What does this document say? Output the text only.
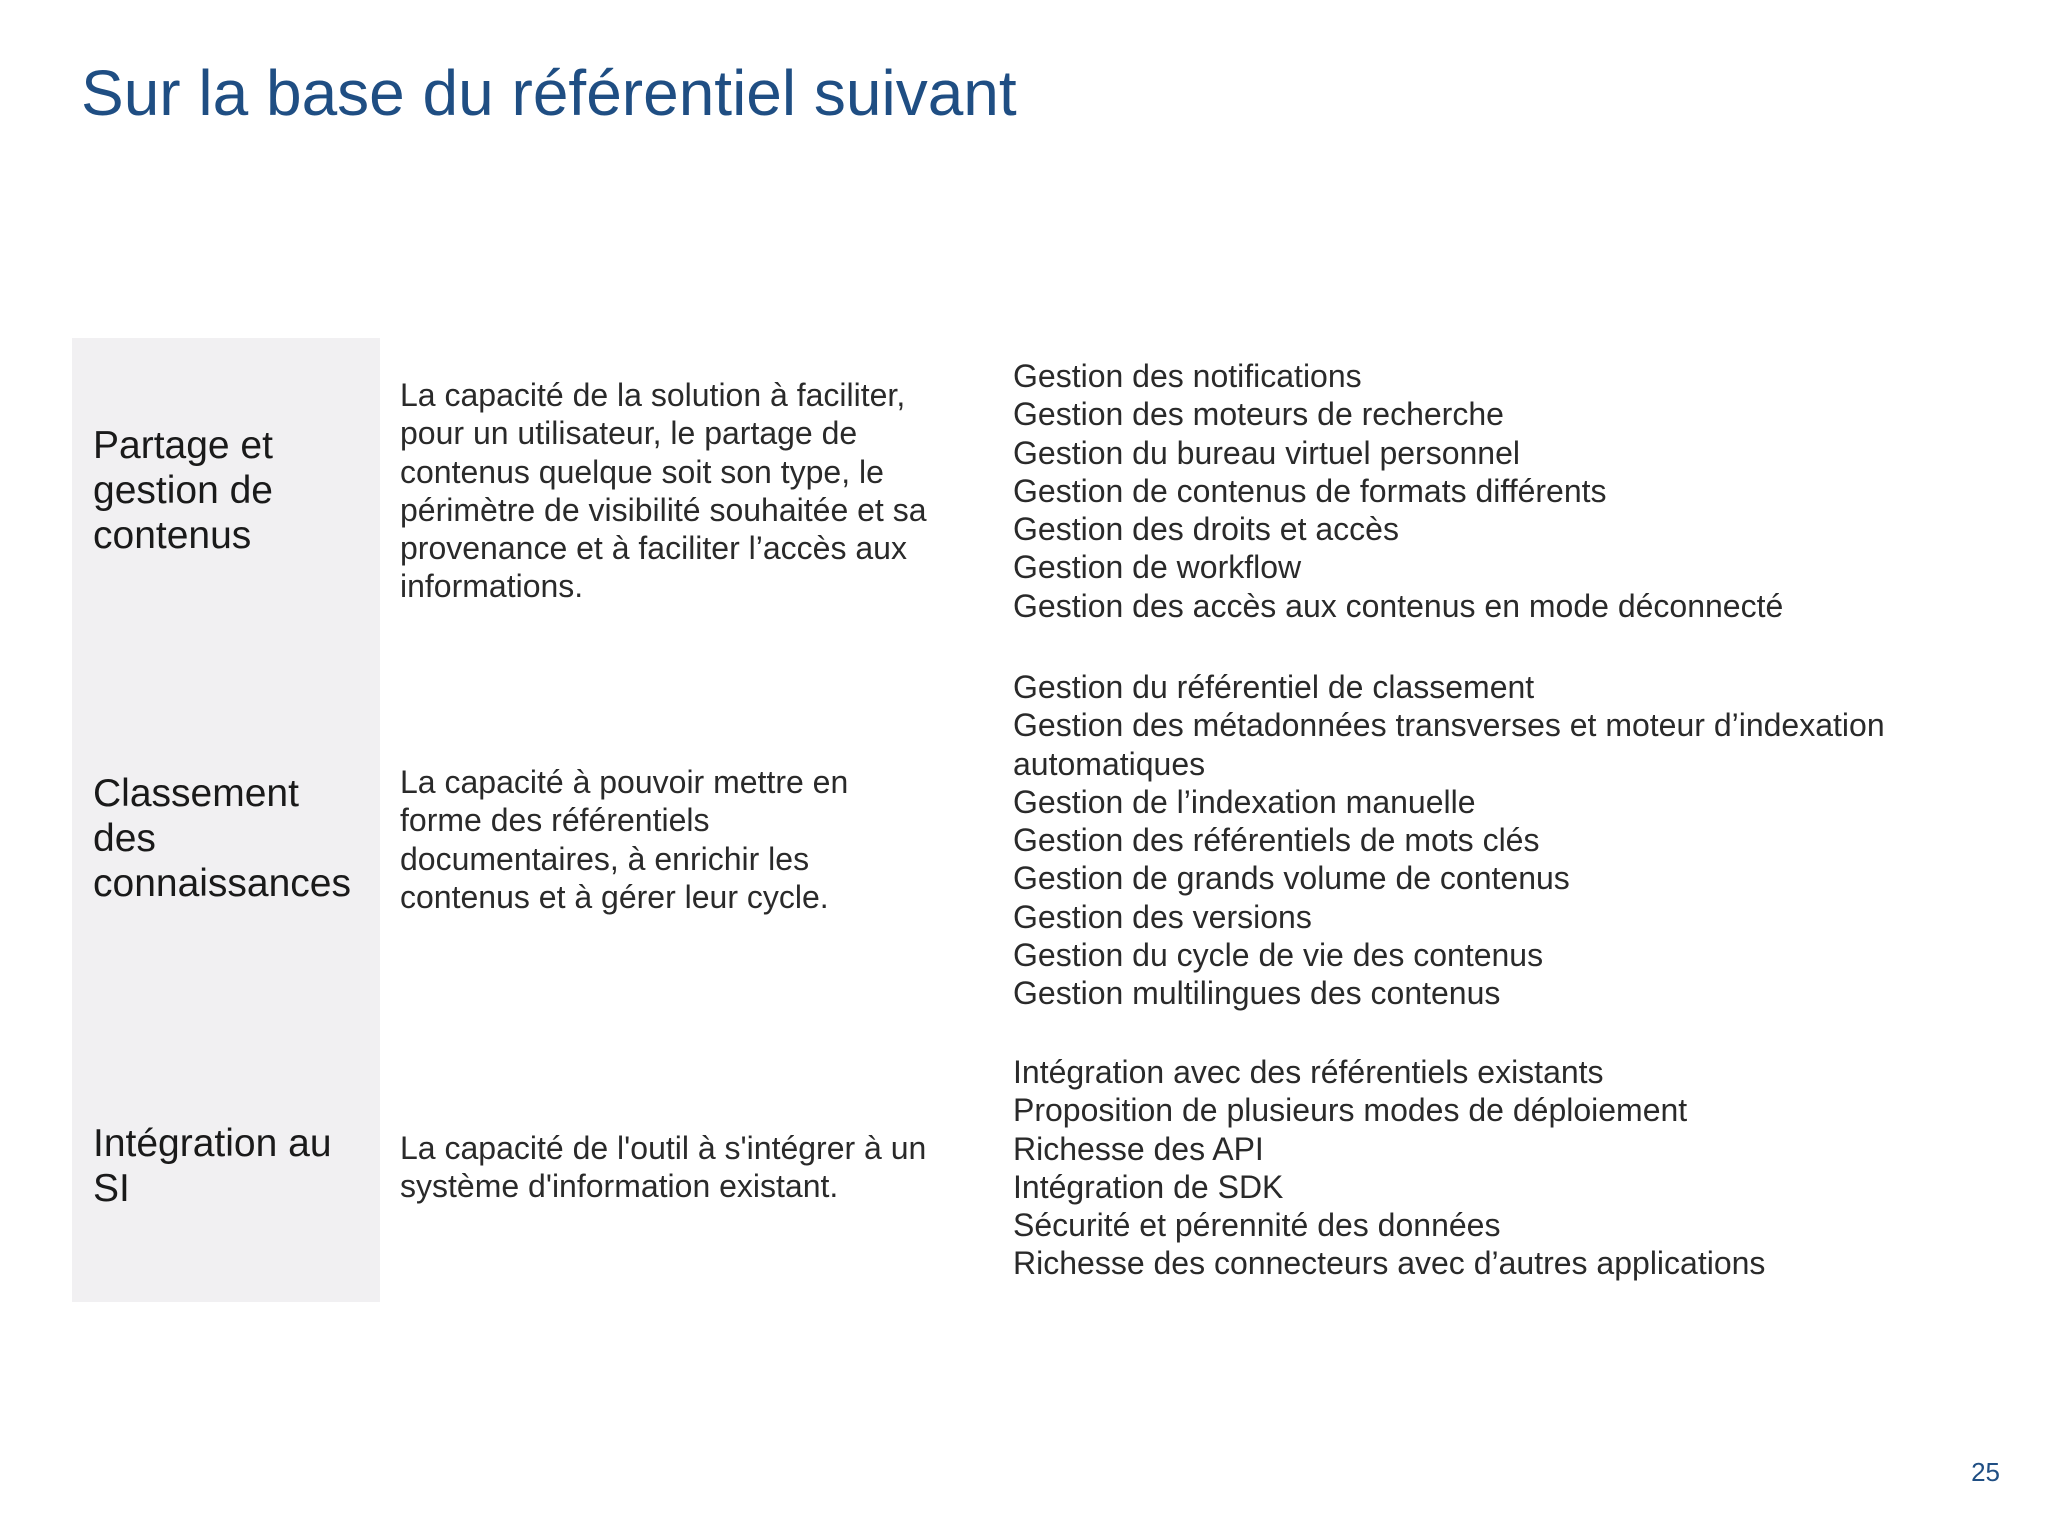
Sur la base du référentiel suivant
Partage et
gestion de
contenus
La capacité de la solution à faciliter,
pour un utilisateur, le partage de
contenus quelque soit son type, le
périmètre de visibilité souhaitée et sa
provenance et à faciliter l’accès aux
informations.
Gestion des notifications
Gestion des moteurs de recherche
Gestion du bureau virtuel personnel
Gestion de contenus de formats différents
Gestion des droits et accès
Gestion de workflow
Gestion des accès aux contenus en mode déconnecté
Classement
des
connaissances
La capacité à pouvoir mettre en
forme des référentiels
documentaires, à enrichir les
contenus et à gérer leur cycle.
Gestion du référentiel de classement
Gestion des métadonnées transverses et moteur d’indexation
automatiques
Gestion de l’indexation manuelle
Gestion des référentiels de mots clés
Gestion de grands volume de contenus
Gestion des versions
Gestion du cycle de vie des contenus
Gestion multilingues des contenus
Intégration au
SI
La capacité de l'outil à s'intégrer à un
système d'information existant.
Intégration avec des référentiels existants
Proposition de plusieurs modes de déploiement
Richesse des API
Intégration de SDK
Sécurité et pérennité des données
Richesse des connecteurs avec d’autres applications
25
